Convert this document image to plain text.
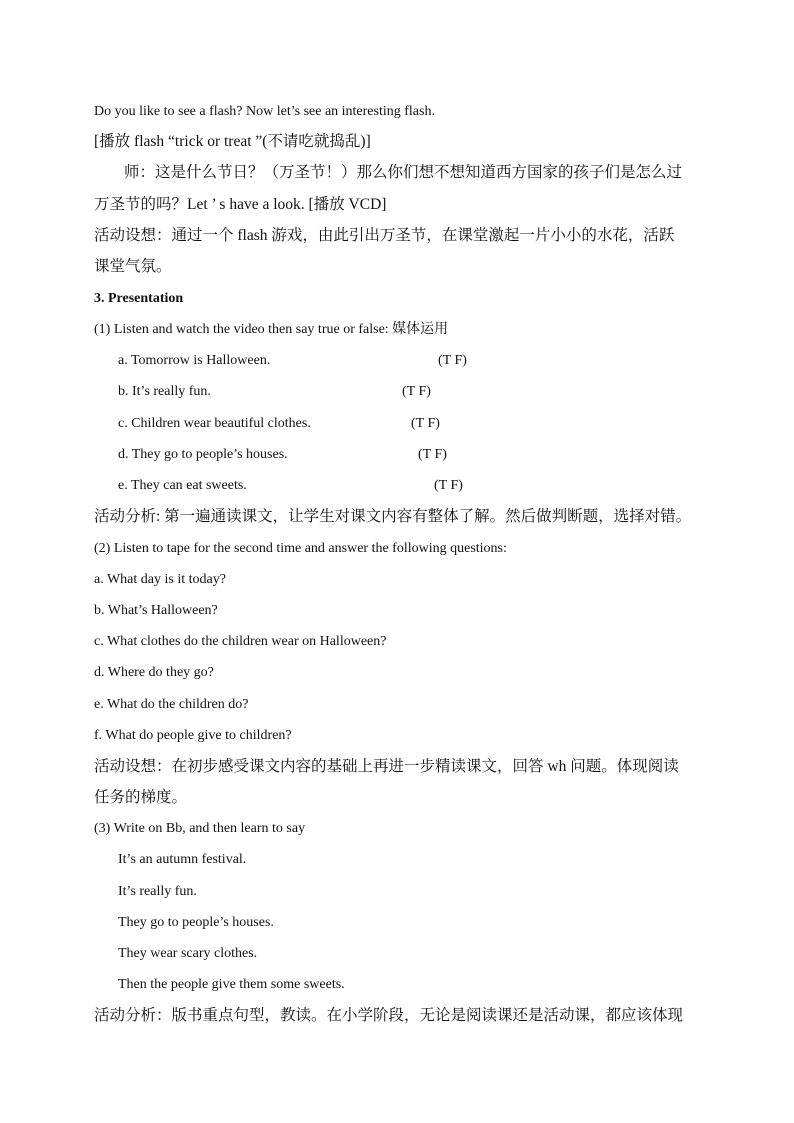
Do you like to see a flash? Now let’s see an interesting flash.
[播放 flash “trick or treat ”(不请吃就捣乱)]
师：这是什么节日？（万圣节！）那么你们想不想知道西方国家的孩子们是怎么过
万圣节的吗？Let ’ s have a look. [播放 VCD]
活动设想：通过一个 flash 游戏，由此引出万圣节，在课堂激起一片小小的水花，活跃
课堂气氛。
3. Presentation
(1) Listen and watch the video then say true or false: 媒体运用
a. Tomorrow is Halloween.	(T F)
b. It’s really fun.	(T F)
c. Children wear beautiful clothes.	(T F)
d. They go to people’s houses.	(T F)
e. They can eat sweets.	(T F)
活动分析: 第一遍通读课文，让学生对课文内容有整体了解。然后做判断题，选择对错。
(2) Listen to tape for the second time and answer the following questions:
a. What day is it today?
b. What’s Halloween?
c. What clothes do the children wear on Halloween?
d. Where do they go?
e. What do the children do?
f. What do people give to children?
活动设想：在初步感受课文内容的基础上再进一步精读课文，回答 wh 问题。体现阅读
任务的梯度。
(3) Write on Bb, and then learn to say
It’s an autumn festival.
It’s really fun.
They go to people’s houses.
They wear scary clothes.
Then the people give them some sweets.
活动分析：版书重点句型，教读。在小学阶段，无论是阅读课还是活动课，都应该体现
